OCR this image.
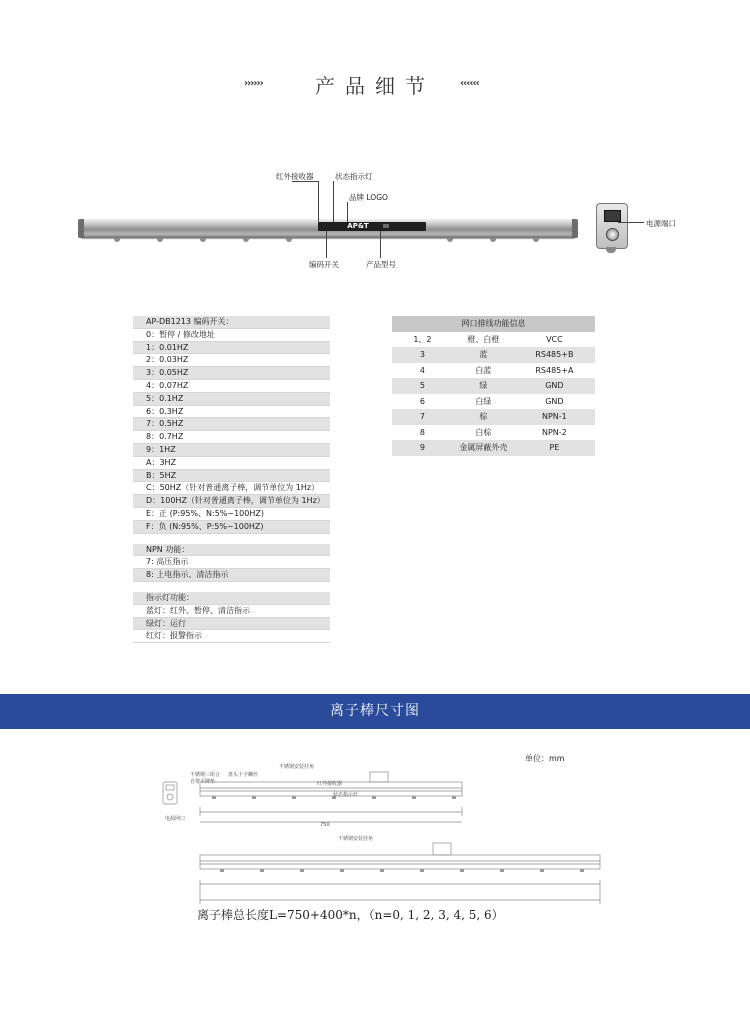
››››››	产品细节	‹‹‹‹‹‹
AP&T
红外接收器	状态指示灯
品牌 LOGO
编码开关	产品型号
电源端口
AP-DB1213 编码开关：
0：暂停 / 修改地址
1：0.01HZ
2：0.03HZ
3：0.05HZ
4：0.07HZ
5：0.1HZ
6：0.3HZ
7：0.5HZ
8：0.7HZ
9：1HZ
A：3HZ
B：5HZ
C：50HZ（针对普通离子棒，调节单位为 1Hz）
D：100HZ（针对普通离子棒，调节单位为 1Hz）
E：正 (P:95%、N:5%~100HZ)
F：负 (N:95%、P:5%~100HZ)
NPN 功能：
7: 高压指示
8: 上电指示、清洁指示
指示灯功能：
蓝灯：红外、暂停、清洁指示
绿灯：运行
红灯：报警指示
网口排线功能信息		
1、2	橙、白橙	VCC
3	蓝	RS485+B
4	白蓝	RS485+A
5	绿	GND
6	白绿	GND
7	棕	NPN-1
8	白棕	NPN-2
9	金属屏蔽外壳	PE
离子棒尺寸图
单位：mm
不锈钢三组合 盘头十字螺丝
自带平牌垫
不锈钢安装挂角
红外接收器
状态指示灯
电源网口
750
不锈钢安装挂角
离子棒总长度L=750+400*n，（n=0, 1, 2, 3, 4, 5, 6）
